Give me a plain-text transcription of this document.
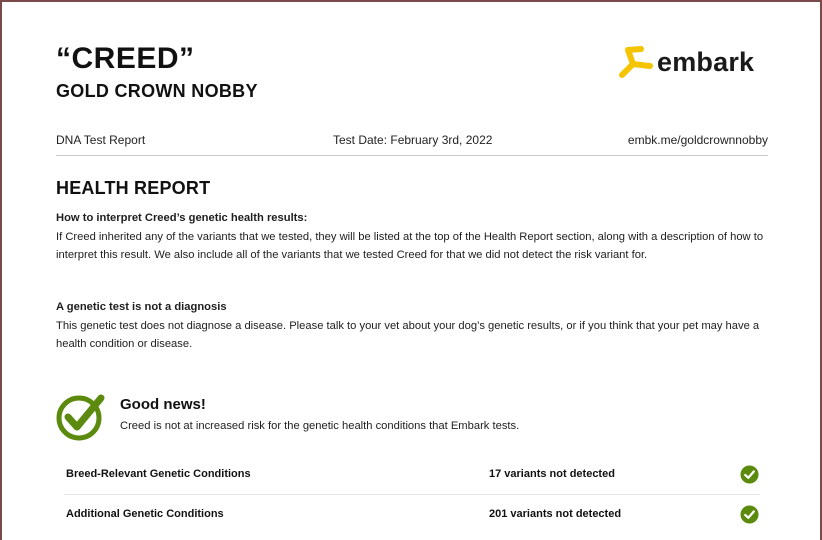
“CREED”
GOLD CROWN NOBBY
embark
DNA Test Report	Test Date: February 3rd, 2022	embk.me/goldcrownnobby
HEALTH REPORT
How to interpret Creed’s genetic health results:
If Creed inherited any of the variants that we tested, they will be listed at the top of the Health Report section, along with a description of how to interpret this result. We also include all of the variants that we tested Creed for that we did not detect the risk variant for.
A genetic test is not a diagnosis
This genetic test does not diagnose a disease. Please talk to your vet about your dog’s genetic results, or if you think that your pet may have a health condition or disease.
Good news!
Creed is not at increased risk for the genetic health conditions that Embark tests.
Breed-Relevant Genetic Conditions	17 variants not detected
Additional Genetic Conditions	201 variants not detected
